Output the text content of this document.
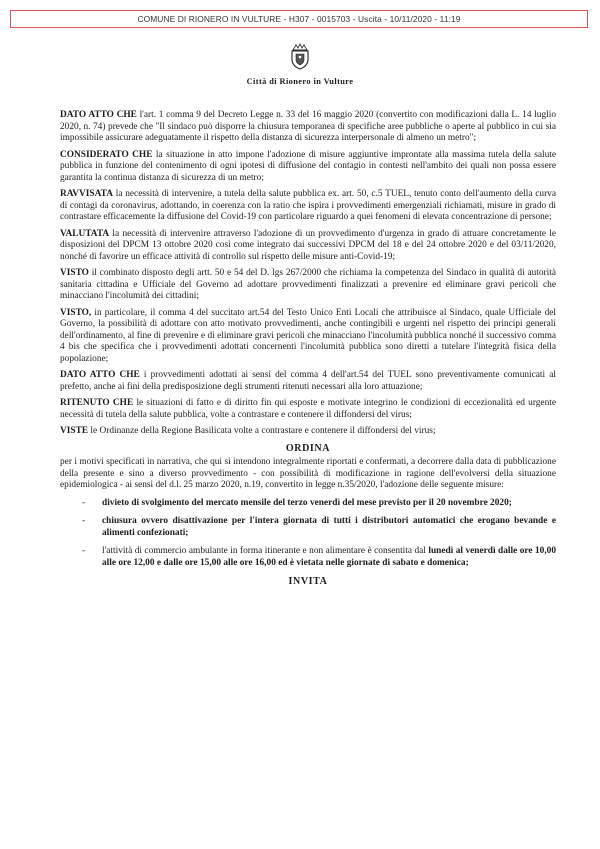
COMUNE DI RIONERO IN VULTURE - H307 - 0015703 - Uscita - 10/11/2020 - 11:19
Città di Rionero in Vulture
DATO ATTO CHE l'art. 1 comma 9 del Decreto Legge n. 33 del 16 maggio 2020 (convertito con modificazioni dalla L. 14 luglio 2020, n. 74) prevede che "Il sindaco può disporre la chiusura temporanea di specifiche aree pubbliche o aperte al pubblico in cui sia impossibile assicurare adeguatamente il rispetto della distanza di sicurezza interpersonale di almeno un metro";
CONSIDERATO CHE la situazione in atto impone l'adozione di misure aggiuntive improntate alla massima tutela della salute pubblica in funzione del contenimento di ogni ipotesi di diffusione del contagio in contesti nell'ambito dei quali non possa essere garantita la continua distanza di sicurezza di un metro;
RAVVISATA la necessità di intervenire, a tutela della salute pubblica ex. art. 50, c.5 TUEL, tenuto conto dell'aumento della curva di contagi da coronavirus, adottando, in coerenza con la ratio che ispira i provvedimenti emergenziali richiamati, misure in grado di contrastare efficacemente la diffusione del Covid-19 con particolare riguardo a quei fenomeni di elevata concentrazione di persone;
VALUTATA la necessità di intervenire attraverso l'adozione di un provvedimento d'urgenza in grado di attuare concretamente le disposizioni del DPCM 13 ottobre 2020 così come integrato dai successivi DPCM del 18 e del 24 ottobre 2020 e del 03/11/2020, nonché di favorire un efficace attività di controllo sul rispetto delle misure anti-Covid-19;
VISTO il combinato disposto degli artt. 50 e 54 del D. lgs 267/2000 che richiama la competenza del Sindaco in qualità di autorità sanitaria cittadina e Ufficiale del Governo ad adottare provvedimenti finalizzati a prevenire ed eliminare gravi pericoli che minacciano l'incolumità dei cittadini;
VISTO, in particolare, il comma 4 del succitato art.54 del Testo Unico Enti Locali che attribuisce al Sindaco, quale Ufficiale del Governo, la possibilità di adottare con atto motivato provvedimenti, anche contingibili e urgenti nel rispetto dei principi generali dell'ordinamento, al fine di prevenire e di eliminare gravi pericoli che minacciano l'incolumità pubblica nonché il successivo comma 4 bis che specifica che i provvedimenti adottati concernenti l'incolumità pubblica sono diretti a tutelare l'integrità fisica della popolazione;
DATO ATTO CHE i provvedimenti adottati ai sensi del comma 4 dell'art.54 del TUEL sono preventivamente comunicati al prefetto, anche ai fini della predisposizione degli strumenti ritenuti necessari alla loro attuazione;
RITENUTO CHE le situazioni di fatto e di diritto fin qui esposte e motivate integrino le condizioni di eccezionalità ed urgente necessità di tutela della salute pubblica, volte a contrastare e contenere il diffondersi del virus;
VISTE le Ordinanze della Regione Basilicata volte a contrastare e contenere il diffondersi del virus;
ORDINA
per i motivi specificati in narrativa, che qui si intendono integralmente riportati e confermati, a decorrere dalla data di pubblicazione della presente e sino a diverso provvedimento - con possibilità di modificazione in ragione dell'evolversi della situazione epidemiologica - ai sensi del d.l. 25 marzo 2020, n.19, convertito in legge n.35/2020, l'adozione delle seguente misure:
- divieto di svolgimento del mercato mensile del terzo venerdì del mese previsto per il 20 novembre 2020;
- chiusura ovvero disattivazione per l'intera giornata di tutti i distributori automatici che erogano bevande e alimenti confezionati;
- l'attività di commercio ambulante in forma itinerante e non alimentare è consentita dal lunedì al venerdì dalle ore 10,00 alle ore 12,00 e dalle ore 15,00 alle ore 16,00 ed è vietata nelle giornate di sabato e domenica;
INVITA
